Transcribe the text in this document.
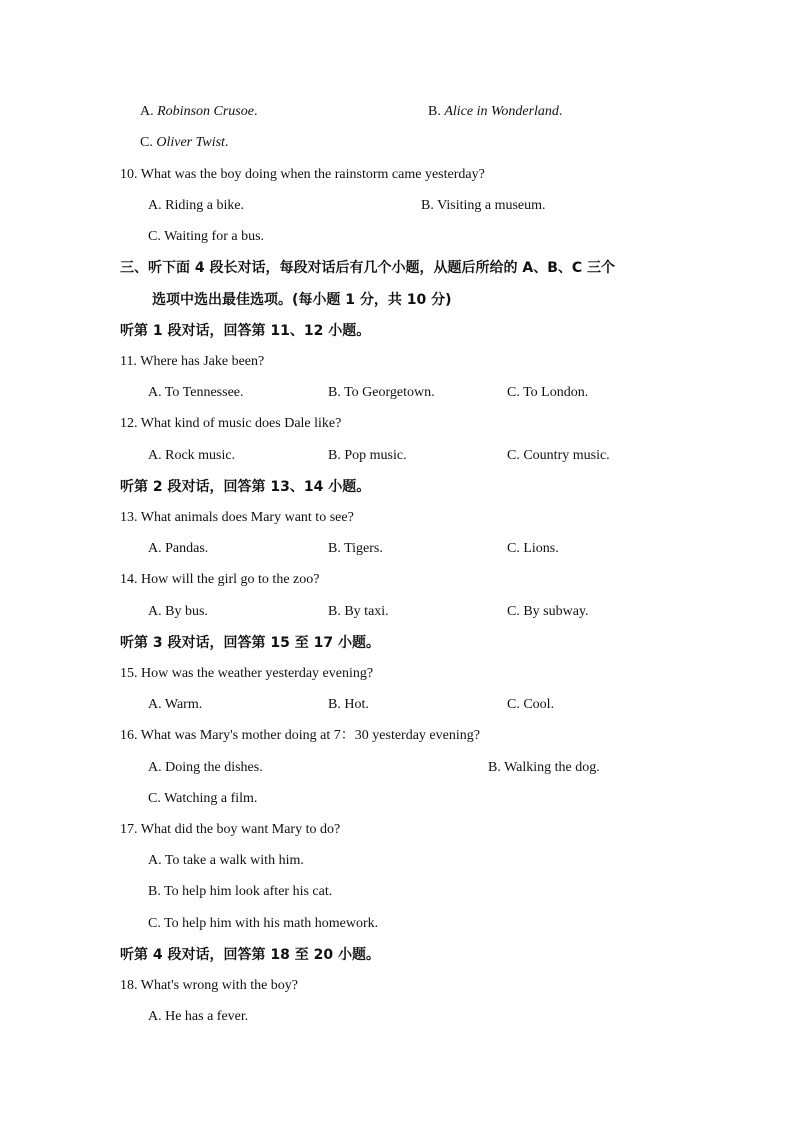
A. Robinson Crusoe.	B. Alice in Wonderland.
C. Oliver Twist.
10. What was the boy doing when the rainstorm came yesterday?
A. Riding a bike.	B. Visiting a museum.
C. Waiting for a bus.
三、听下面 4 段长对话，每段对话后有几个小题，从题后所给的 A、B、C 三个
选项中选出最佳选项。(每小题 1 分，共 10 分)
听第 1 段对话，回答第 11、12 小题。
11. Where has Jake been?
A. To Tennessee.	B. To Georgetown.	C. To London.
12. What kind of music does Dale like?
A. Rock music.	B. Pop music.	C. Country music.
听第 2 段对话，回答第 13、14 小题。
13. What animals does Mary want to see?
A. Pandas.	B. Tigers.	C. Lions.
14. How will the girl go to the zoo?
A. By bus.	B. By taxi.	C. By subway.
听第 3 段对话，回答第 15 至 17 小题。
15. How was the weather yesterday evening?
A. Warm.	B. Hot.	C. Cool.
16. What was Mary's mother doing at 7：30 yesterday evening?
A. Doing the dishes.	B. Walking the dog.
C. Watching a film.
17. What did the boy want Mary to do?
A. To take a walk with him.
B. To help him look after his cat.
C. To help him with his math homework.
听第 4 段对话，回答第 18 至 20 小题。
18. What's wrong with the boy?
A. He has a fever.
